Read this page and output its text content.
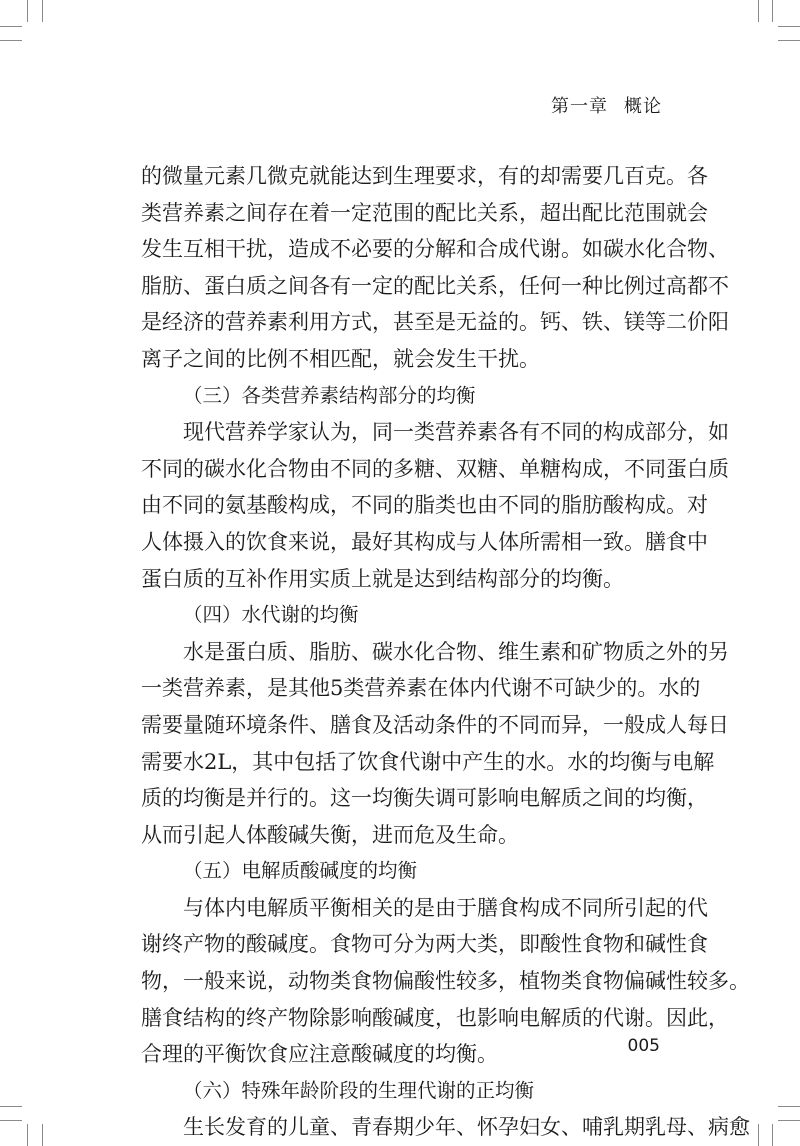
第一章 概论
的微量元素几微克就能达到生理要求，有的却需要几百克。各
类营养素之间存在着一定范围的配比关系，超出配比范围就会
发生互相干扰，造成不必要的分解和合成代谢。如碳水化合物、
脂肪、蛋白质之间各有一定的配比关系，任何一种比例过高都不
是经济的营养素利用方式，甚至是无益的。钙、铁、镁等二价阳
离子之间的比例不相匹配，就会发生干扰。
（三）各类营养素结构部分的均衡
现代营养学家认为，同一类营养素各有不同的构成部分，如
不同的碳水化合物由不同的多糖、双糖、单糖构成，不同蛋白质
由不同的氨基酸构成，不同的脂类也由不同的脂肪酸构成。对
人体摄入的饮食来说，最好其构成与人体所需相一致。膳食中
蛋白质的互补作用实质上就是达到结构部分的均衡。
（四）水代谢的均衡
水是蛋白质、脂肪、碳水化合物、维生素和矿物质之外的另
一类营养素，是其他5类营养素在体内代谢不可缺少的。水的
需要量随环境条件、膳食及活动条件的不同而异，一般成人每日
需要水2L，其中包括了饮食代谢中产生的水。水的均衡与电解
质的均衡是并行的。这一均衡失调可影响电解质之间的均衡，
从而引起人体酸碱失衡，进而危及生命。
（五）电解质酸碱度的均衡
与体内电解质平衡相关的是由于膳食构成不同所引起的代
谢终产物的酸碱度。食物可分为两大类，即酸性食物和碱性食
物，一般来说，动物类食物偏酸性较多，植物类食物偏碱性较多。
膳食结构的终产物除影响酸碱度，也影响电解质的代谢。因此，
合理的平衡饮食应注意酸碱度的均衡。
（六）特殊年龄阶段的生理代谢的正均衡
生长发育的儿童、青春期少年、怀孕妇女、哺乳期乳母、病愈
005
